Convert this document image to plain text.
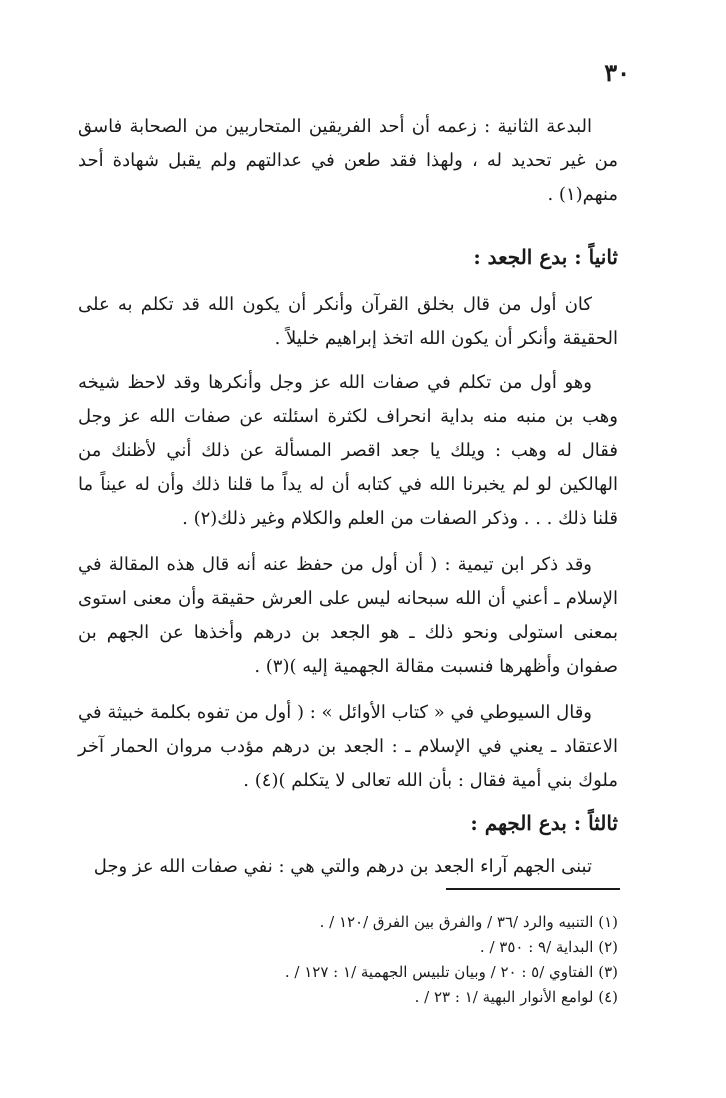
٣٠

البدعة الثانية : زعمه أن أحد الفريقين المتحاربين من الصحابة فاسق من غير تحديد له ، ولهذا فقد طعن في عدالتهم ولم يقبل شهادة أحد منهم(١) .

ثانياً : بدع الجعد :

كان أول من قال بخلق القرآن وأنكر أن يكون الله قد تكلم به على الحقيقة وأنكر أن يكون الله اتخذ إبراهيم خليلاً .

وهو أول من تكلم في صفات الله عز وجل وأنكرها وقد لاحظ شيخه وهب بن منبه منه بداية انحراف لكثرة اسئلته عن صفات الله عز وجل فقال له وهب : ويلك يا جعد اقصر المسألة عن ذلك أني لأظنك من الهالكين لو لم يخبرنا الله في كتابه أن له يداً ما قلنا ذلك وأن له عيناً ما قلنا ذلك . . . وذكر الصفات من العلم والكلام وغير ذلك(٢) .

وقد ذكر ابن تيمية : ( أن أول من حفظ عنه أنه قال هذه المقالة في الإسلام ـ أعني أن الله سبحانه ليس على العرش حقيقة وأن معنى استوى بمعنى استولى ونحو ذلك ـ هو الجعد بن درهم وأخذها عن الجهم بن صفوان وأظهرها فنسبت مقالة الجهمية إليه )(٣) .

وقال السيوطي في « كتاب الأوائل » : ( أول من تفوه بكلمة خبيثة في الاعتقاد ـ يعني في الإسلام ـ : الجعد بن درهم مؤدب مروان الحمار آخر ملوك بني أمية فقال : بأن الله تعالى لا يتكلم )(٤) .

ثالثاً : بدع الجهم :

تبنى الجهم آراء الجعد بن درهم والتي هي : نفي صفات الله عز وجل

(١) التنبيه والرد /٣٦ / والفرق بين الفرق /١٢٠ / .

(٢) البداية /٩ : ٣٥٠ / .

(٣) الفتاوي /٥ : ٢٠ / وبيان تلبيس الجهمية /١ : ١٢٧ / .

(٤) لوامع الأنوار البهية /١ : ٢٣ / .
